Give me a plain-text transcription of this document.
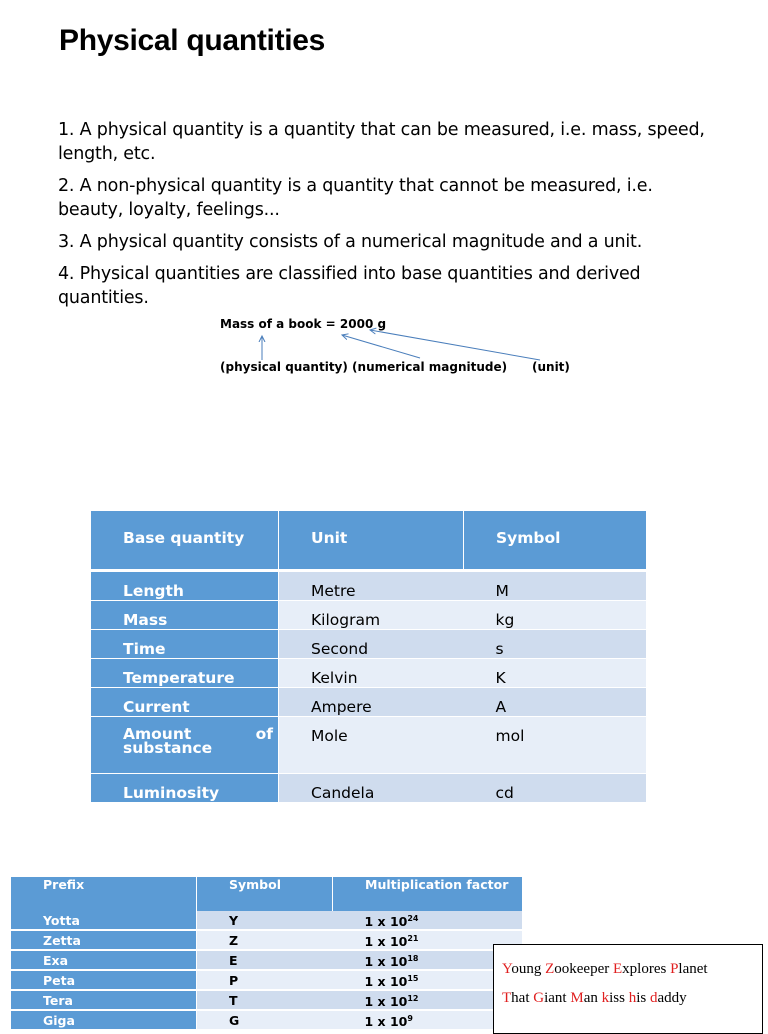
Physical quantities

1. A physical quantity is a quantity that can be measured, i.e. mass, speed, length, etc.

2. A non-physical quantity is a quantity that cannot be measured, i.e. beauty, loyalty, feelings...

3. A physical quantity consists of a numerical magnitude and a unit.

4. Physical quantities are classified into base quantities and derived quantities.

Mass of a book = 2000 g
(physical quantity) (numerical magnitude) (unit)
Base quantity	Unit	Symbol

Length	Metre	M
Mass	Kilogram	kg
Time	Second	s
Temperature	Kelvin	K
Current	Ampere	A

Amount of
substance	Mole	mol
Luminosity	Candela	cd
Prefix	Symbol	Multiplication factor
Yotta	Y	1 x $10^{24}$
Zetta	Z	1 x $10^{21}$
Exa	E	1 x $10^{18}$
Peta	P	1 x $10^{15}$
Tera	T	1 x $10^{12}$
Giga	G	1 x $10^9$
Young Zookeeper Explores Planet
That Giant Man kiss his daddy
